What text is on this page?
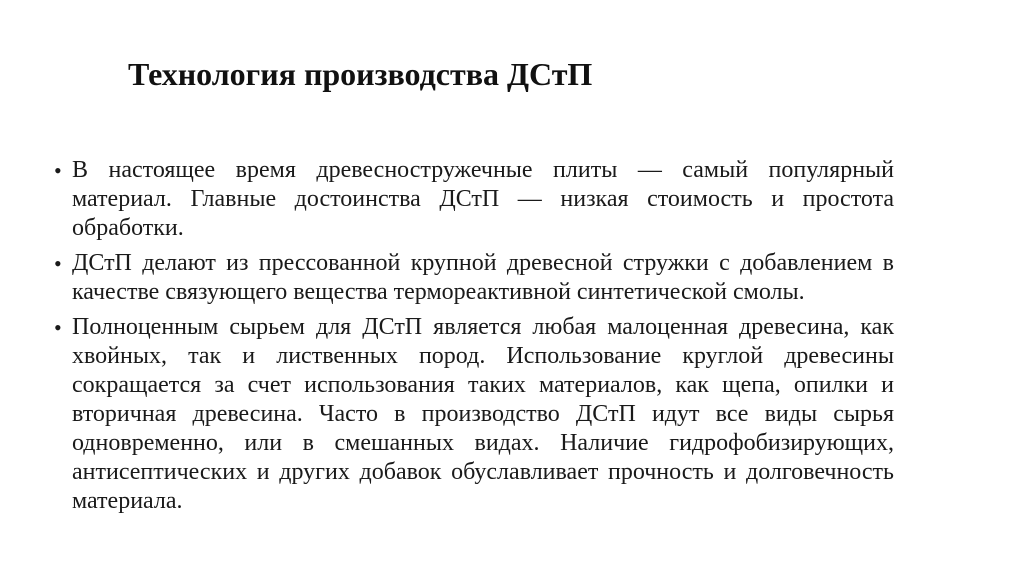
Технология производства ДСтП
• В настоящее время древесностружечные плиты — самый популярный материал. Главные достоинства ДСтП — низкая стоимость и простота обработки.
• ДСтП делают из прессованной крупной древесной стружки с добавлением в качестве связующего вещества термореактивной синтетической смолы.
• Полноценным сырьем для ДСтП является любая малоценная древесина, как хвойных, так и лиственных пород. Использование круглой древесины сокращается за счет использования таких материалов, как щепа, опилки и вторичная древесина. Часто в производство ДСтП идут все виды сырья одновременно, или в смешанных видах. Наличие гидрофобизирующих, антисептических и других добавок обуславливает прочность и долговечность материала.
